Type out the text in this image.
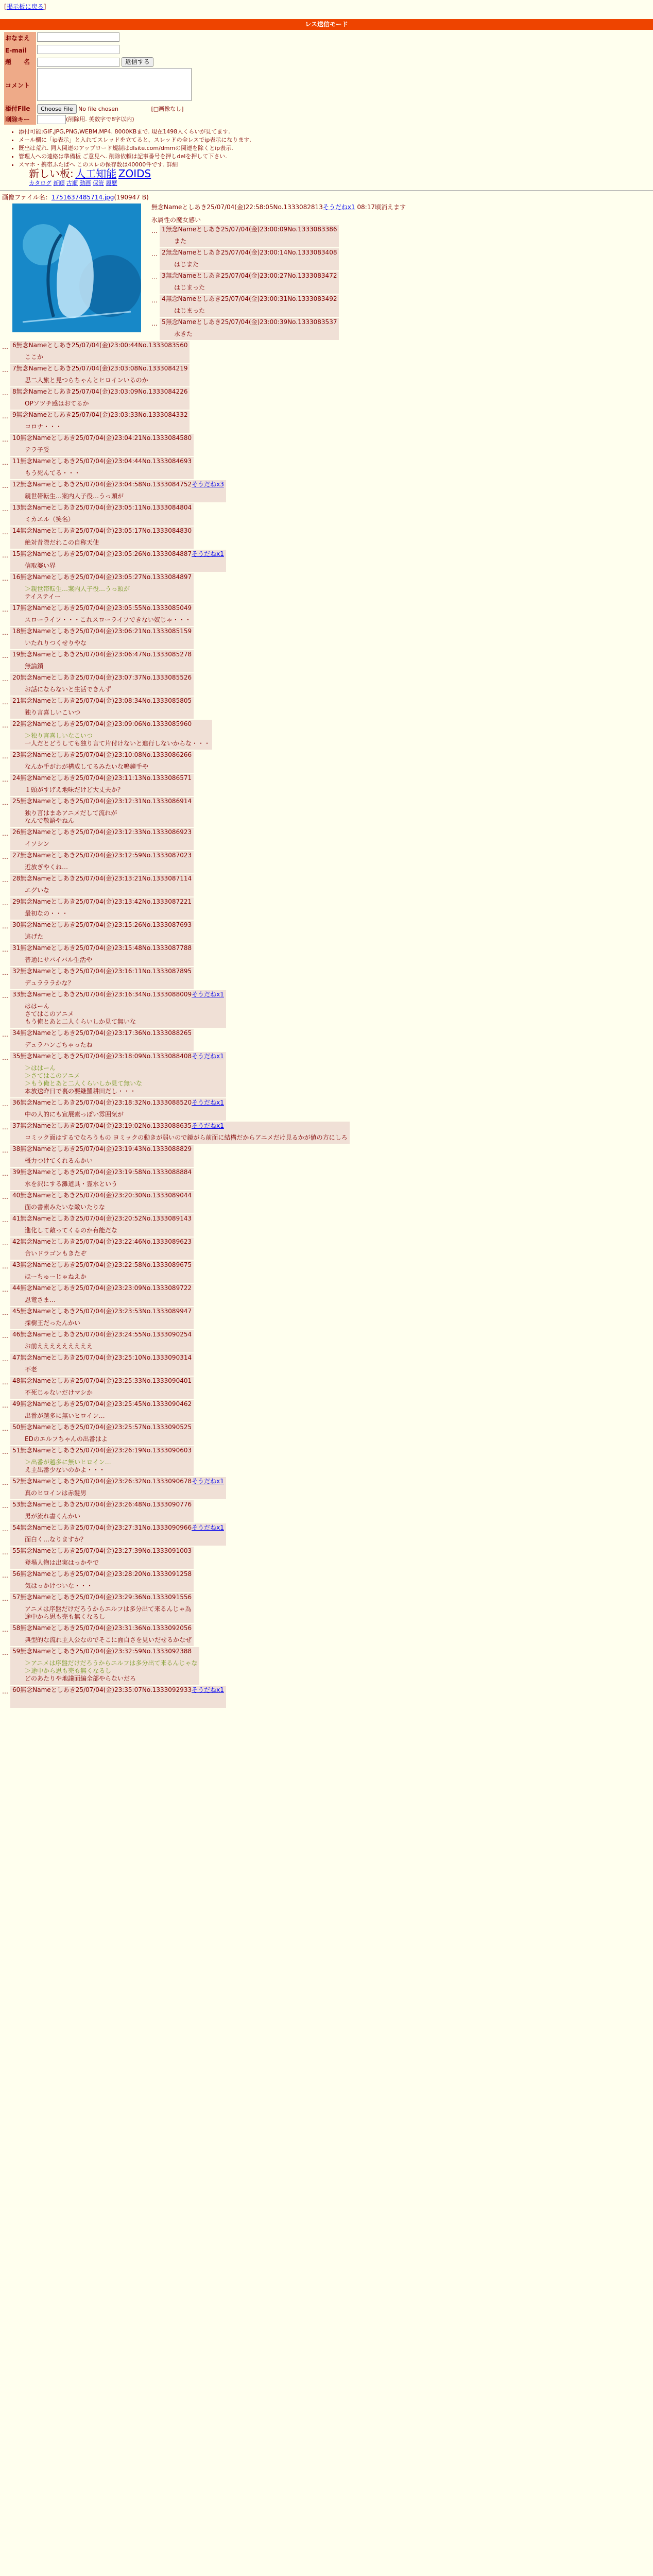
[掲示板に戻る]
レス送信モード
おなまえ	
E-mail	
題　　名	返信する
コメント	
添付File	Choose File No file chosen [□画像なし]
削除キー	(削除用. 英数字で8字以内)
• 添付可能:GIF,JPG,PNG,WEBM,MP4. 8000KBまで. 現在1498人くらいが見てます.
• メール欄に「ip表示」と入れてスレッドを立てると、スレッドの全レスでip表示になります.
• 既出は荒れ. 同人関連のアップロード規制はdlsite.com/dmmの関連を除くとip表示.
• 管理人への連絡は準備板 ご意見へ. 削除依頼は記事番号を押しdelを押して下さい.
• スマホ・携帯ふたばへ このスレの保存数は40000件です. 詳細
新しい板: 人工知能 ZOIDS
カタログ 新順 古順 動画 保管 履歴
画像ファイル名：1751637485714.jpg(190947 B)
無念Nameとしあき25/07/04(金)22:58:05No.1333082813そうだねx1 08:17頃消えます
氷属性の魔女感い
… 1無念Nameとしあき25/07/04(金)23:00:09No.1333083386
また
… 2無念Nameとしあき25/07/04(金)23:00:14No.1333083408
はじまた
… 3無念Nameとしあき25/07/04(金)23:00:27No.1333083472
はじまった
… 4無念Nameとしあき25/07/04(金)23:00:31No.1333083492
はじまった
… 5無念Nameとしあき25/07/04(金)23:00:39No.1333083537
永きた
… 6無念Nameとしあき25/07/04(金)23:00:44No.1333083560
ここか
… 7無念Nameとしあき25/07/04(金)23:03:08No.1333084219
思二人旅と見つらちゃんとヒロインいるのか
… 8無念Nameとしあき25/07/04(金)23:03:09No.1333084226
OPソツチ感はおてるか
… 9無念Nameとしあき25/07/04(金)23:03:33No.1333084332
コロナ・・・
… 10無念Nameとしあき25/07/04(金)23:04:21No.1333084580
テラ子妥
… 11無念Nameとしあき25/07/04(金)23:04:44No.1333084693
もう死んてる・・・
… 12無念Nameとしあき25/07/04(金)23:04:58No.1333084752そうだねx3
親世帯転生…案内人子役…うっ頭が
… 13無念Nameとしあき25/07/04(金)23:05:11No.1333084804
ミカエル（笑名）
… 14無念Nameとしあき25/07/04(金)23:05:17No.1333084830
絶対昔際だれこの自称天使
… 15無念Nameとしあき25/07/04(金)23:05:26No.1333084887そうだねx1
信取婆い界
… 16無念Nameとしあき25/07/04(金)23:05:27No.1333084897
＞親世帯転生…案内人子役…うっ頭が
テイステイー
… 17無念Nameとしあき25/07/04(金)23:05:55No.1333085049
スローライフ・・・これスローライフできない奴じゃ・・・
… 18無念Nameとしあき25/07/04(金)23:06:21No.1333085159
いたれりつくせりやな
… 19無念Nameとしあき25/07/04(金)23:06:47No.1333085278
無論鎖
… 20無念Nameとしあき25/07/04(金)23:07:37No.1333085526
お話にならないと生活できんず
… 21無念Nameとしあき25/07/04(金)23:08:34No.1333085805
独り言喜しいこいつ
… 22無念Nameとしあき25/07/04(金)23:09:06No.1333085960
＞独り言喜しいなこいつ
一人だとどうしても独り言て片付けないと進行しないからな・・・
… 23無念Nameとしあき25/07/04(金)23:10:08No.1333086266
なんか手がわが構成してるみたいな嗚鐘手や
… 24無念Nameとしあき25/07/04(金)23:11:13No.1333086571
１頭がすげえ地味だけど大丈夫か？
… 25無念Nameとしあき25/07/04(金)23:12:31No.1333086914
独り言はまあアニメだして流れが
なんで敬語やねん
… 26無念Nameとしあき25/07/04(金)23:12:33No.1333086923
イソシン
… 27無念Nameとしあき25/07/04(金)23:12:59No.1333087023
近放ぎやくね…
… 28無念Nameとしあき25/07/04(金)23:13:21No.1333087114
エグいな
… 29無念Nameとしあき25/07/04(金)23:13:42No.1333087221
最初なの・・・
… 30無念Nameとしあき25/07/04(金)23:15:26No.1333087693
逃げた
… 31無念Nameとしあき25/07/04(金)23:15:48No.1333087788
普通にサバイバル生活や
… 32無念Nameとしあき25/07/04(金)23:16:11No.1333087895
デュラララかな？
… 33無念Nameとしあき25/07/04(金)23:16:34No.1333088009そうだねx1
ははーん
さてはこのアニメ
もう俺とあと二人くらいしか見て無いな
… 34無念Nameとしあき25/07/04(金)23:17:36No.1333088265
デュラハンごちゃったね
… 35無念Nameとしあき25/07/04(金)23:18:09No.1333088408そうだねx1
＞ははーん
＞さてはこのアニメ
＞もう俺とあと二人くらいしか見て無いな
本放送昨日で裏の要継羅耕田だし・・・
… 36無念Nameとしあき25/07/04(金)23:18:32No.1333088520そうだねx1
中の人的にも宣展素っぽい雰囲気が
… 37無念Nameとしあき25/07/04(金)23:19:02No.1333088635そうだねx1
コミック面はするでなろうもの ヨミックの動きが弱いので鏡がら前面に結構だからアニメだけ見るかが値の方にしろ
… 38無念Nameとしあき25/07/04(金)23:19:43No.1333088829
概力つけてくれるんかい
… 39無念Nameとしあき25/07/04(金)23:19:58No.1333088884
水を沢にする灘道具・霊水という
… 40無念Nameとしあき25/07/04(金)23:20:30No.1333089044
面の書素みたいな敵いたりな
… 41無念Nameとしあき25/07/04(金)23:20:52No.1333089143
進化して敵ってくるのか有能だな
… 42無念Nameとしあき25/07/04(金)23:22:46No.1333089623
合いドラゴンもきたぞ
… 43無念Nameとしあき25/07/04(金)23:22:58No.1333089675
ほーちゅーじゃねえか
… 44無念Nameとしあき25/07/04(金)23:23:09No.1333089722
恩竜さま…
… 45無念Nameとしあき25/07/04(金)23:23:53No.1333089947
採樹王だったんかい
… 46無念Nameとしあき25/07/04(金)23:24:55No.1333090254
お前えええええええええ
… 47無念Nameとしあき25/07/04(金)23:25:10No.1333090314
不老
… 48無念Nameとしあき25/07/04(金)23:25:33No.1333090401
不死じゃないだけマシか
… 49無念Nameとしあき25/07/04(金)23:25:45No.1333090462
出番が越多に無いヒロイン…
… 50無念Nameとしあき25/07/04(金)23:25:57No.1333090525
EDのエルフちゃんの出番はよ
… 51無念Nameとしあき25/07/04(金)23:26:19No.1333090603
＞出番が越多に無いヒロイン…
え主出番少ないのかよ・・・
… 52無念Nameとしあき25/07/04(金)23:26:32No.1333090678そうだねx1
真のヒロインは赤髪男
… 53無念Nameとしあき25/07/04(金)23:26:48No.1333090776
男が流れ書くんかい
… 54無念Nameとしあき25/07/04(金)23:27:31No.1333090966そうだねx1
面白く…なりますか？
… 55無念Nameとしあき25/07/04(金)23:27:39No.1333091003
登場人物は出実はっかやで
… 56無念Nameとしあき25/07/04(金)23:28:20No.1333091258
気はっかけついな・・・
… 57無念Nameとしあき25/07/04(金)23:29:36No.1333091556
アニメは序盤だけだろうからエルフは多分出て来るんじゃ為
途中から思も売も無くなるし
… 58無念Nameとしあき25/07/04(金)23:31:36No.1333092056
典型的な流れ主人公なのでそこに面白さを見いだせるかなぜ
… 59無念Nameとしあき25/07/04(金)23:32:59No.1333092388
＞アニメは序盤だけだろうからエルフは多分出て来るんじゃな
＞途中から思も売も無くなるし
どのあたりや地議面編全部やらないだろ
… 60無念Nameとしあき25/07/04(金)23:35:07No.1333092933そうだねx1
